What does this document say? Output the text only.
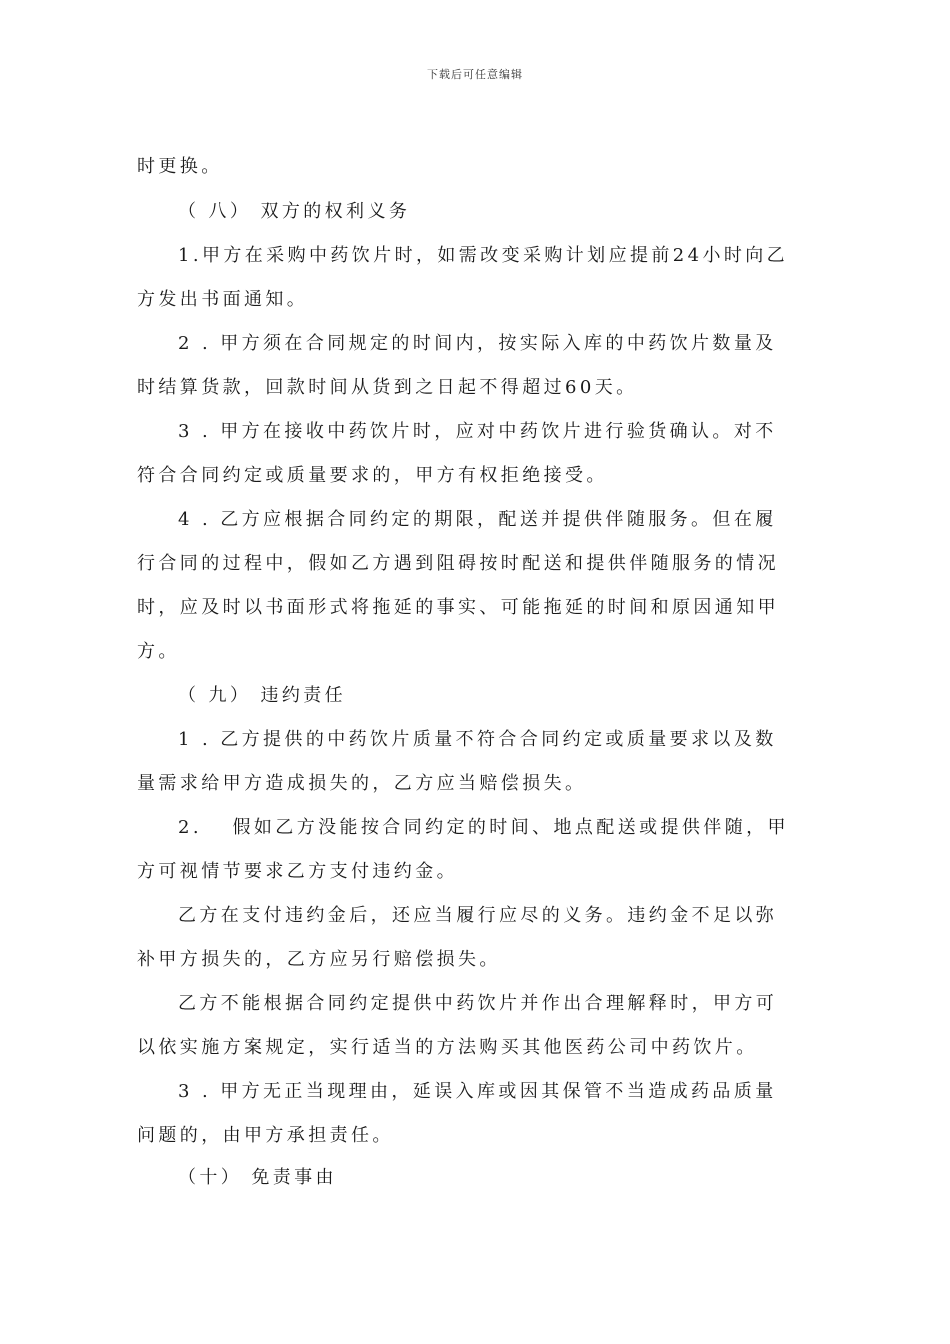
下载后可任意编辑
时更换。
（ 八） 双方的权利义务
1.甲方在采购中药饮片时，如需改变采购计划应提前24小时向乙
方发出书面通知。
2 . 甲方须在合同规定的时间内，按实际入库的中药饮片数量及
时结算货款，回款时间从货到之日起不得超过60天。
3 . 甲方在接收中药饮片时，应对中药饮片进行验货确认。对不
符合合同约定或质量要求的，甲方有权拒绝接受。
4 . 乙方应根据合同约定的期限，配送并提供伴随服务。但在履
行合同的过程中，假如乙方遇到阻碍按时配送和提供伴随服务的情况
时，应及时以书面形式将拖延的事实、可能拖延的时间和原因通知甲
方。
（ 九） 违约责任
1 . 乙方提供的中药饮片质量不符合合同约定或质量要求以及数
量需求给甲方造成损失的，乙方应当赔偿损失。
2.　 假如乙方没能按合同约定的时间、地点配送或提供伴随，甲
方可视情节要求乙方支付违约金。
乙方在支付违约金后，还应当履行应尽的义务。违约金不足以弥
补甲方损失的，乙方应另行赔偿损失。
乙方不能根据合同约定提供中药饮片并作出合理解释时，甲方可
以依实施方案规定，实行适当的方法购买其他医药公司中药饮片。
3 . 甲方无正当现理由，延误入库或因其保管不当造成药品质量
问题的，由甲方承担责任。
（十） 免责事由
